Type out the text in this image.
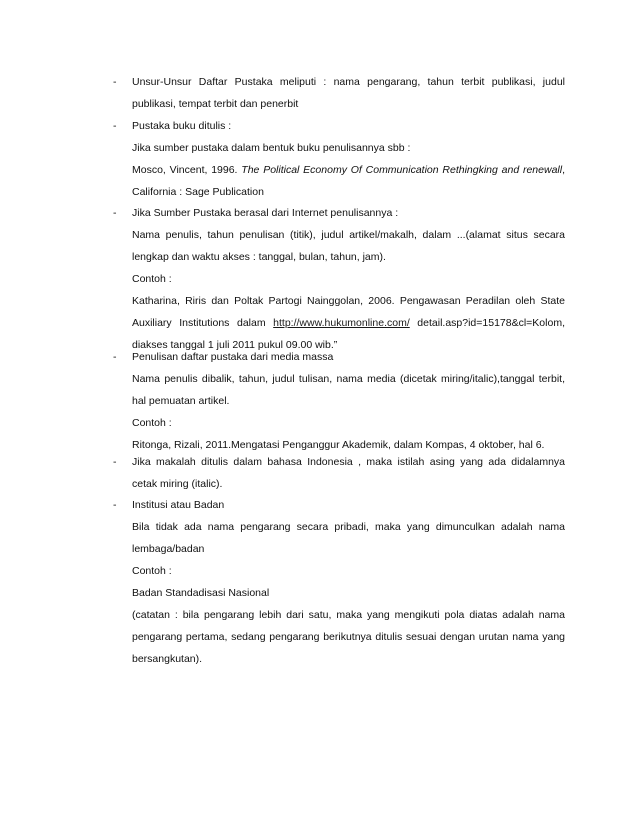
- Unsur-Unsur Daftar Pustaka meliputi : nama pengarang, tahun terbit publikasi, judul
publikasi, tempat terbit dan penerbit
- Pustaka buku ditulis :
Jika sumber pustaka dalam bentuk buku penulisannya sbb :
Mosco, Vincent, 1996. The Political Economy Of Communication Rethingking and renewall,
California : Sage Publication
- Jika Sumber Pustaka berasal dari Internet penulisannya :
Nama penulis, tahun penulisan (titik), judul artikel/makalh, dalam ...(alamat situs secara
lengkap dan waktu akses : tanggal, bulan, tahun, jam).
Contoh :
Katharina, Riris dan Poltak Partogi Nainggolan, 2006. Pengawasan Peradilan oleh State
Auxiliary Institutions dalam http://www.hukumonline.com/ detail.asp?id=15178&cl=Kolom,
diakses tanggal 1 juli 2011 pukul 09.00 wib.”
- Penulisan daftar pustaka dari media massa
Nama penulis dibalik, tahun, judul tulisan, nama media (dicetak miring/italic),tanggal terbit,
hal pemuatan artikel.
Contoh :
Ritonga, Rizali, 2011.Mengatasi Penganggur Akademik, dalam Kompas, 4 oktober, hal 6.
- Jika makalah ditulis dalam bahasa Indonesia , maka istilah asing yang ada didalamnya
cetak miring (italic).
- Institusi atau Badan
Bila tidak ada nama pengarang secara pribadi, maka yang dimunculkan adalah nama
lembaga/badan
Contoh :
Badan Standadisasi Nasional
(catatan : bila pengarang lebih dari satu, maka yang mengikuti pola diatas adalah nama
pengarang pertama, sedang pengarang berikutnya ditulis sesuai dengan urutan nama yang
bersangkutan).
